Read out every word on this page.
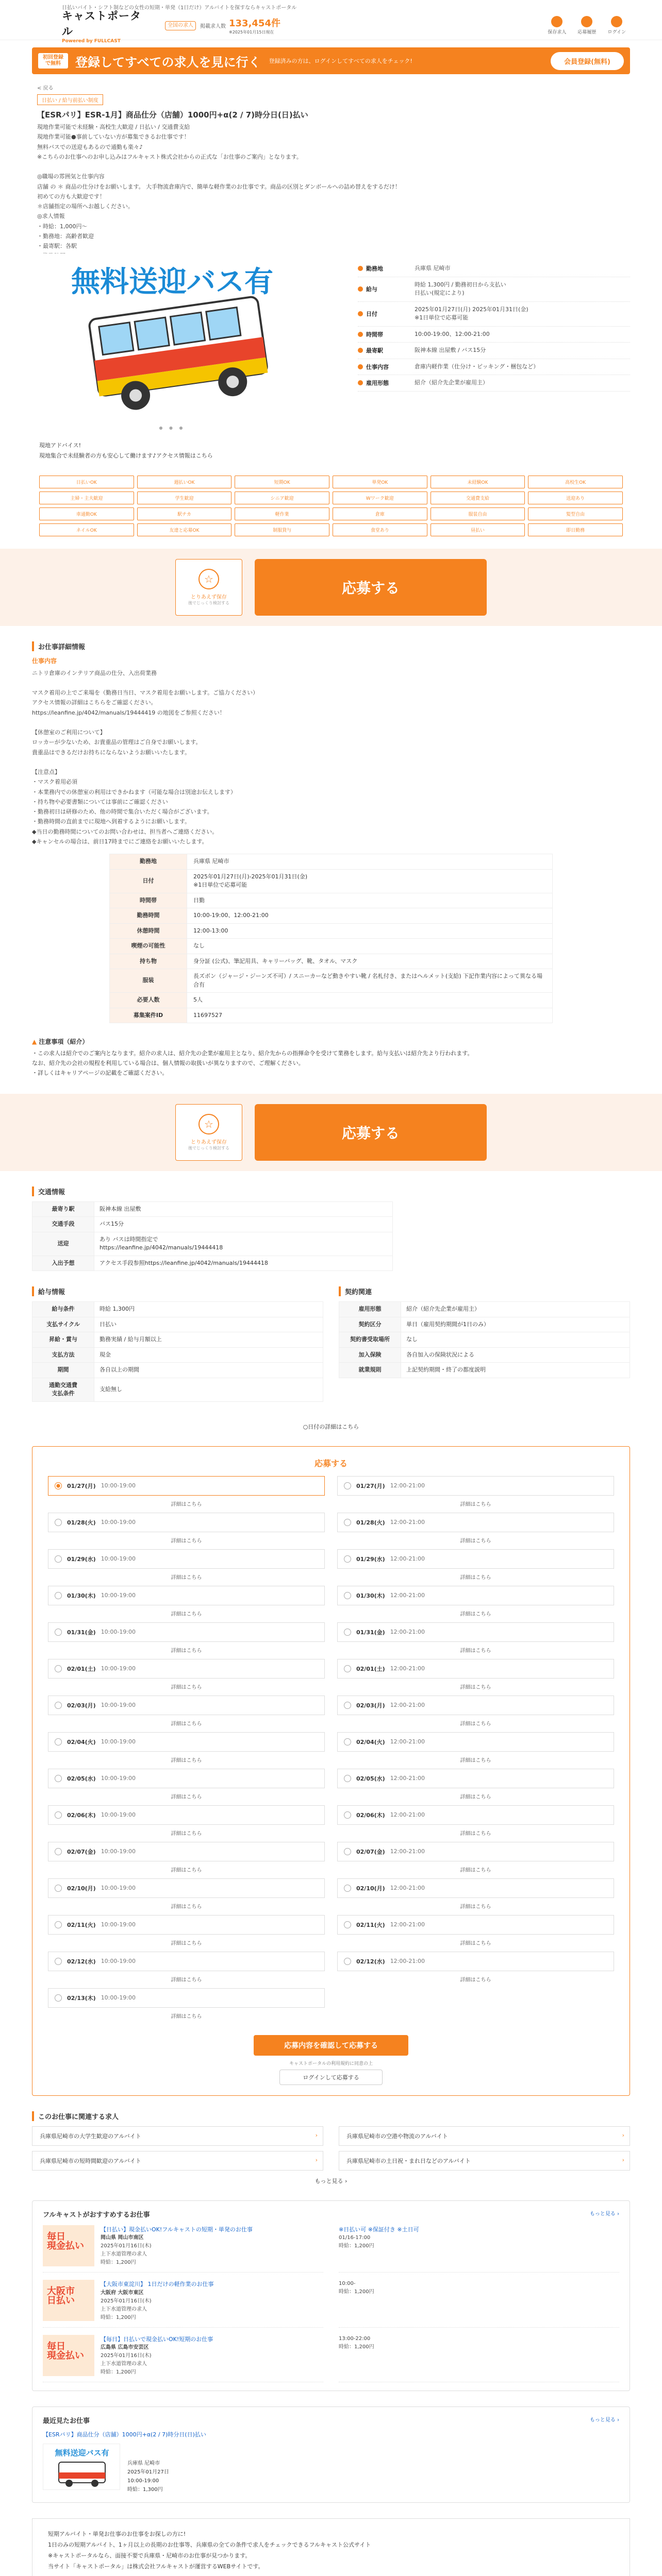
日払いバイト・シフト制などの女性の短期・単発（1日だけ）アルバイトを探すならキャストポータル
キャストポータル
Powered by FULLCAST
全国の求人	掲載求人数 133,454件
※2025年01月15日現在	保存求人 応募履歴 ログイン
初回登録で無料	登録してすべての求人を見に行く 登録済みの方は、ログインしてすべての求人をチェック!	会員登録(無料)
< 戻る
日払い / 給与前払い制度
【ESRパリ】ESR-1月】商品仕分（店舗）1000円+α(2 / 7)時分日(日)払い
現地作業可能で未経験・高校生大歓迎 / 日払い / 交通費支給
現地作業可能●事前していない方が募集できるお仕事です！
無料バスでの送迎もあるので通勤も楽々♪
※こちらのお仕事へのお申し込みはフルキャスト株式会社からの正式な「お仕事のご案内」となります。

◎職場の雰囲気と仕事内容
店舗 の ＊ 商品の仕分けをお願いします。 大手物流倉庫内で、簡単な軽作業のお仕事です。商品の区別とダンボールへの詰め替えをするだけ！
初めての方も大歓迎です！
＊店舗指定の場所へお越しください。
◎求人情報
・時給：1,000円～
・勤務地：高齢者歓迎
・最寄駅：各駅

無料送迎バス有
● ● ●
勤務地	兵庫県 尼崎市
給与
時給 1,300円 / 勤務初日から支払い
日払い(規定により)
日付
2025年01月27日(月) 2025年01月31日(金)
※1日単位で応募可能
時間帯	10:00-19:00、12:00-21:00
最寄駅	阪神本線 出屋敷 / バス15分
仕事内容	倉庫内軽作業（仕分け・ピッキング・梱包など）
雇用形態	紹介（紹介先企業が雇用主）
現地アドバイス!
現地集合で未経験者の方も安心して働けます♪アクセス情報はこちら
日払いOK	週払いOK	短期OK	単発OK	未経験OK	高校生OK
主婦・主夫歓迎	学生歓迎	シニア歓迎	Wワーク歓迎	交通費支給	送迎あり
車通勤OK	駅チカ	軽作業	倉庫	服装自由	髪型自由
ネイルOK	友達と応募OK	制服貸与	食堂あり	昼払い	即日勤務
☆
とりあえず保存
後でじっくり検討する
応募する
お仕事詳細情報
仕事内容
ニトリ倉庫のインテリア商品の仕分、入出荷業務

マスク着用の上でご来場を（勤務日当日、マスク着用をお願いします。ご協力ください）
アクセス情報の詳細はこちらをご確認ください。
https://leanfine.jp/4042/manuals/19444419 の地図をご参照ください！

【休憩室のご利用について】
ロッカーが少ないため、お貴重品の管理はご自身でお願いします。
貴重品はできるだけお持ちにならないようお願いいたします。

【注意点】
・マスク着用必須
・本業務内での休憩室の利用はできかねます（可能な場合は別途お伝えします）
・持ち物や必要書類については事前にご確認ください
・勤務初日は研修のため、他の時間で集合いただく場合がございます。
・勤務時間の直前までに現地へ到着するようにお願いします。
◆当日の勤務時間についてのお問い合わせは、担当者へご連絡ください。
◆キャンセルの場合は、前日17時までにご連絡をお願いいたします。
勤務地	兵庫県 尼崎市
日付	2025年01月27日(月)-2025年01月31日(金)
※1日単位で応募可能
時間帯	日勤
勤務時間	10:00-19:00、12:00-21:00
休憩時間	12:00-13:00
喫煙の可能性	なし
持ち物	身分証 (公式)、筆記用具、キャリーバッグ、靴、タオル、マスク
服装	長ズボン（ジャージ・ジーンズ不可）/ スニーカーなど動きやすい靴 / 名札付き、またはヘルメット(支給) 下記作業内容によって異なる場合有
必要人数	5人
募集案件ID	11697527
▲ 注意事項（紹介）
・この求人は紹介でのご案内となります。紹介の求人は、紹介先の企業が雇用主となり、紹介先からの指揮命令を受けて業務をします。給与支払いは紹介先より行われます。
なお、紹介先の会社の規程を利用している場合は、個人情報の取扱いが異なりますので、ご理解ください。
・詳しくはキャリアページの記載をご確認ください。
☆
とりあえず保存
後でじっくり検討する
応募する
交通情報
最寄り駅	阪神本線 出屋敷
交通手段	バス15分
送迎	あり バスは時間指定で
https://leanfine.jp/4042/manuals/19444418
入出予想	アクセス手段参照https://leanfine.jp/4042/manuals/19444418
給与情報
給与条件	時給 1,300円
支払サイクル	日払い
昇給・賞与	勤務実績 / 給与月額以上
支払方法	現金
期間	各自以上の期間
通勤交通費
支払条件	支給無し
契約関連
雇用形態	紹介（紹介先企業が雇用主）
契約区分	単日（雇用契約期間が1日のみ）
契約書受取場所	なし
加入保険	各自加入の保険状況による
就業規則	上記契約期間・終了の都度説明
○日付の詳細はこちら
応募する
01/27(月) 10:00-19:00
詳細はこちら
01/27(月) 12:00-21:00
詳細はこちら
01/28(火) 10:00-19:00
詳細はこちら
01/28(火) 12:00-21:00
詳細はこちら
01/29(水) 10:00-19:00
詳細はこちら
01/29(水) 12:00-21:00
詳細はこちら
01/30(木) 10:00-19:00
詳細はこちら
01/30(木) 12:00-21:00
詳細はこちら
01/31(金) 10:00-19:00
詳細はこちら
01/31(金) 12:00-21:00
詳細はこちら
02/01(土) 10:00-19:00
詳細はこちら
02/01(土) 12:00-21:00
詳細はこちら
02/03(月) 10:00-19:00
詳細はこちら
02/03(月) 12:00-21:00
詳細はこちら
02/04(火) 10:00-19:00
詳細はこちら
02/04(火) 12:00-21:00
詳細はこちら
02/05(水) 10:00-19:00
詳細はこちら
02/05(水) 12:00-21:00
詳細はこちら
02/06(木) 10:00-19:00
詳細はこちら
02/06(木) 12:00-21:00
詳細はこちら
02/07(金) 10:00-19:00
詳細はこちら
02/07(金) 12:00-21:00
詳細はこちら
02/10(月) 10:00-19:00
詳細はこちら
02/10(月) 12:00-21:00
詳細はこちら
02/11(火) 10:00-19:00
詳細はこちら
02/11(火) 12:00-21:00
詳細はこちら
02/12(水) 10:00-19:00
詳細はこちら
02/12(水) 12:00-21:00
詳細はこちら
02/13(木) 10:00-19:00
詳細はこちら
応募内容を確認して応募する
キャストポータルの利用規約に同意の上
ログインして応募する
このお仕事に関連する求人
兵庫県尼崎市の大学生歓迎のアルバイト ›	兵庫県尼崎市の空港や物流のアルバイト ›
兵庫県尼崎市の短時間歓迎のアルバイト ›	兵庫県尼崎市の土日祝・まれ日などのアルバイト ›
もっと見る ›
フルキャストがおすすめするお仕事	もっと見る ›
毎日
現金払い
【日払い】現金払いOK!フルキャストの短期・単発のお仕事
岡山県 岡山市南区
2025年01月16日(木)
上下水道管理の求人
時給：1,200円
※日払い可 ※保証付き ※土日可
01/16-17:00
時給：1,200円
大阪市
日払い
【大阪市東淀川】 1日だけの軽作業のお仕事
大阪府 大阪市東区
2025年01月16日(木)
上下水道管理の求人
時給：1,200円
10:00-
時給：1,200円
毎日
現金払い
【毎日】日払いで現金払いOK!短期のお仕事
広島県 広島市安芸区
2025年01月16日(木)
上下水道管理の求人
時給：1,200円
13:00-22:00
時給：1,200円
最近見たお仕事	もっと見る ›
【ESRパリ】商品仕分（店舗）1000円+α(2 / 7)時分日(日)払い
無料送迎バス有
兵庫県 尼崎市
2025年01月27日
10:00-19:00
時給：1,300円
短期アルバイト・単発お仕事のお仕事をお探しの方に!
1日のみの短期アルバイト、1ヶ月以上の長期のお仕事等、兵庫県の全ての条件で求人をチェックできるフルキャスト公式サイト
※キャストポータルなら、面接不要で兵庫県・尼崎市のお仕事が見つかります。
当サイト「キャストポータル」は株式会社フルキャストが運営するWEBサイトです。
